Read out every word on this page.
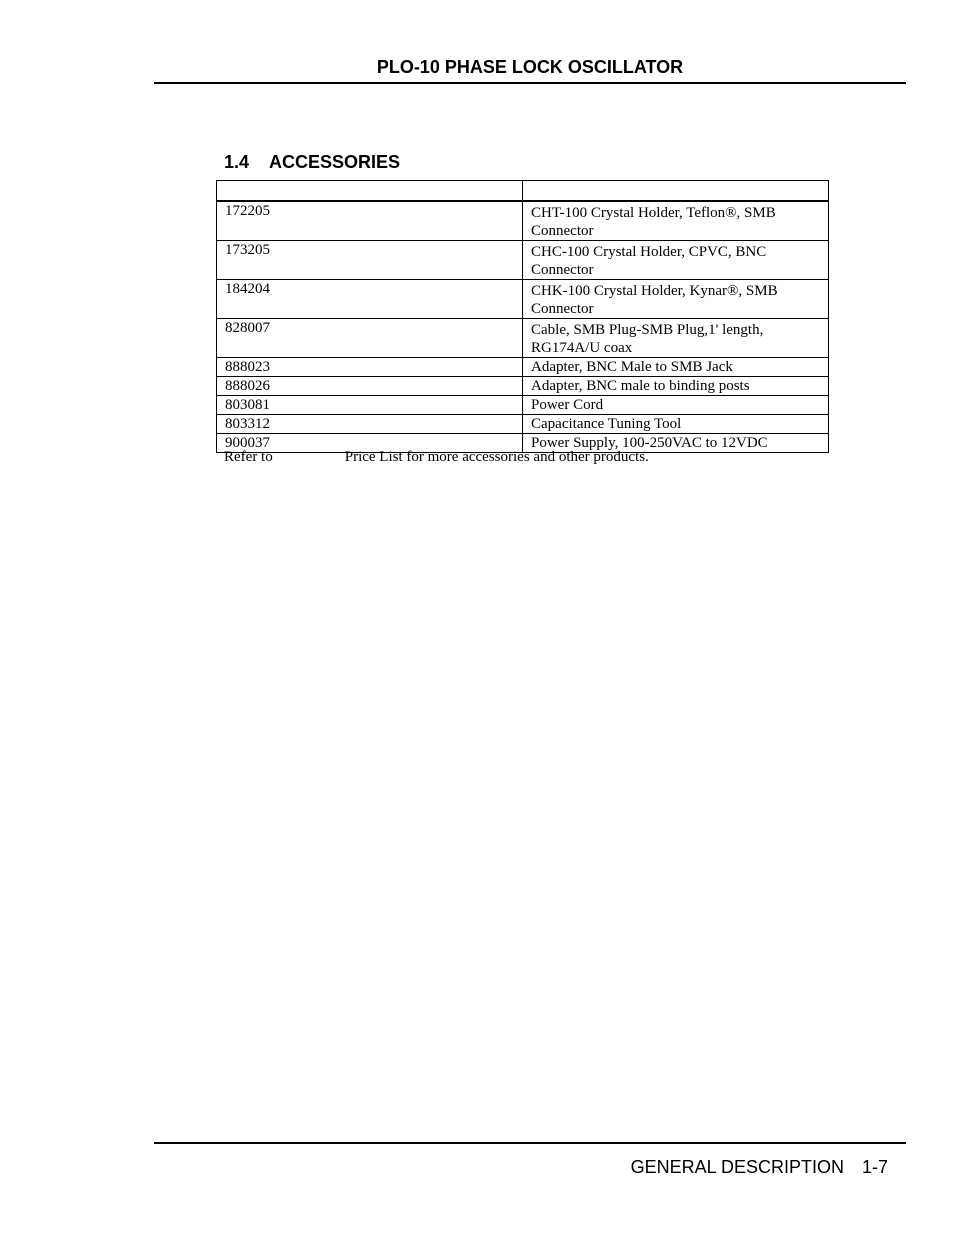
PLO-10 PHASE LOCK OSCILLATOR
1.4 ACCESSORIES

172205	CHT-100 Crystal Holder, Teflon®, SMB Connector
173205	CHC-100 Crystal Holder, CPVC, BNC Connector
184204	CHK-100 Crystal Holder, Kynar®, SMB Connector
828007	Cable, SMB Plug-SMB Plug,1' length, RG174A/U coax
888023	Adapter, BNC Male to SMB Jack
888026	Adapter, BNC male to binding posts
803081	Power Cord
803312	Capacitance Tuning Tool
900037	Power Supply, 100-250VAC to 12VDC
Refer to	Price List for more accessories and other products.
GENERAL DESCRIPTION 1-7
